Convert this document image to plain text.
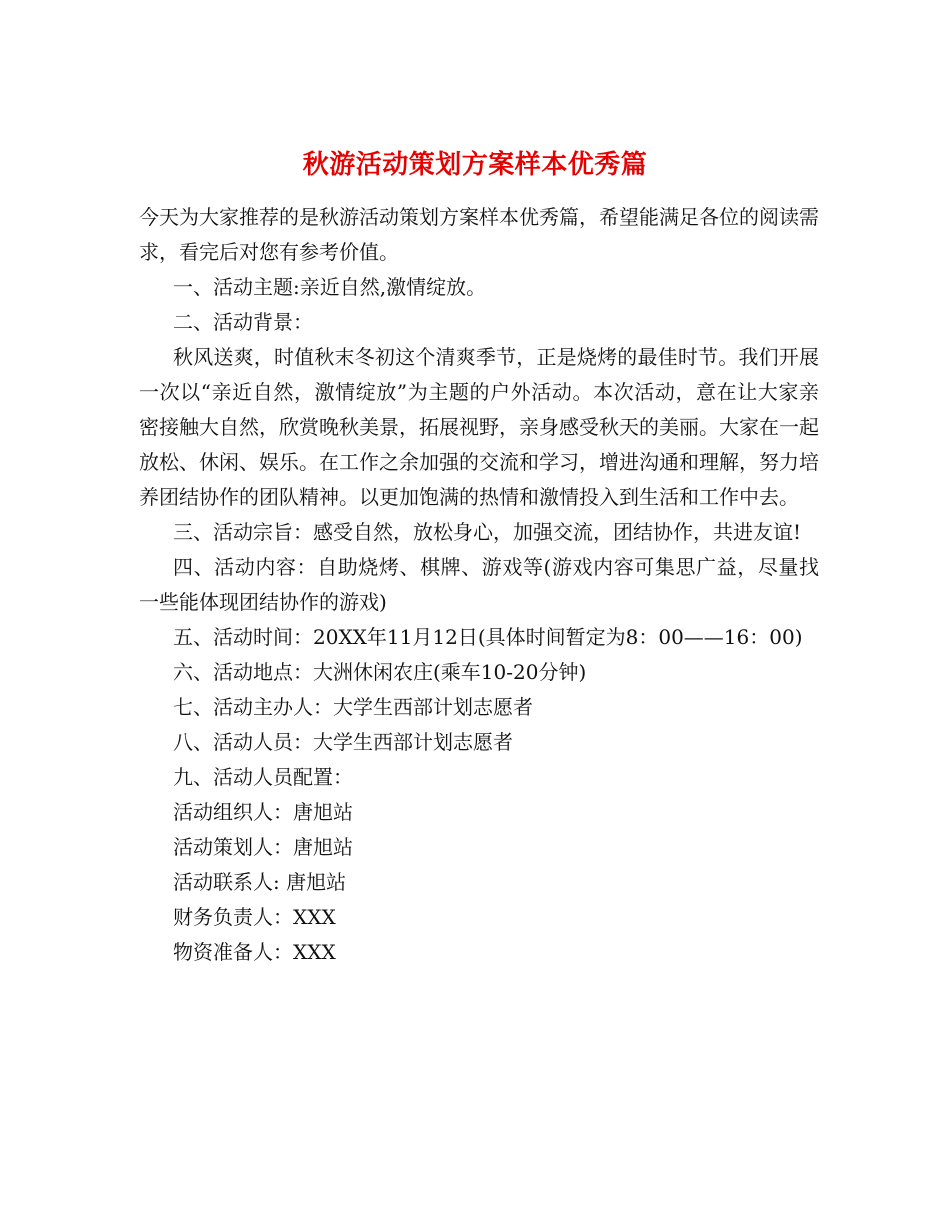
秋游活动策划方案样本优秀篇

今天为大家推荐的是秋游活动策划方案样本优秀篇，希望能满足各位的阅读需求，看完后对您有参考价值。

一、活动主题:亲近自然,激情绽放。

二、活动背景：

秋风送爽，时值秋末冬初这个清爽季节，正是烧烤的最佳时节。我们开展一次以“亲近自然，激情绽放”为主题的户外活动。本次活动，意在让大家亲密接触大自然，欣赏晚秋美景，拓展视野，亲身感受秋天的美丽。大家在一起放松、休闲、娱乐。在工作之余加强的交流和学习，增进沟通和理解，努力培养团结协作的团队精神。以更加饱满的热情和激情投入到生活和工作中去。

三、活动宗旨：感受自然，放松身心，加强交流，团结协作，共进友谊!

四、活动内容：自助烧烤、棋牌、游戏等(游戏内容可集思广益，尽量找一些能体现团结协作的游戏)

五、活动时间：20XX年11月12日(具体时间暂定为8：00——16：00)

六、活动地点：大洲休闲农庄(乘车10-20分钟)

七、活动主办人：大学生西部计划志愿者

八、活动人员：大学生西部计划志愿者

九、活动人员配置：

活动组织人：唐旭站

活动策划人：唐旭站

活动联系人: 唐旭站

财务负责人：XXX

物资准备人：XXX
